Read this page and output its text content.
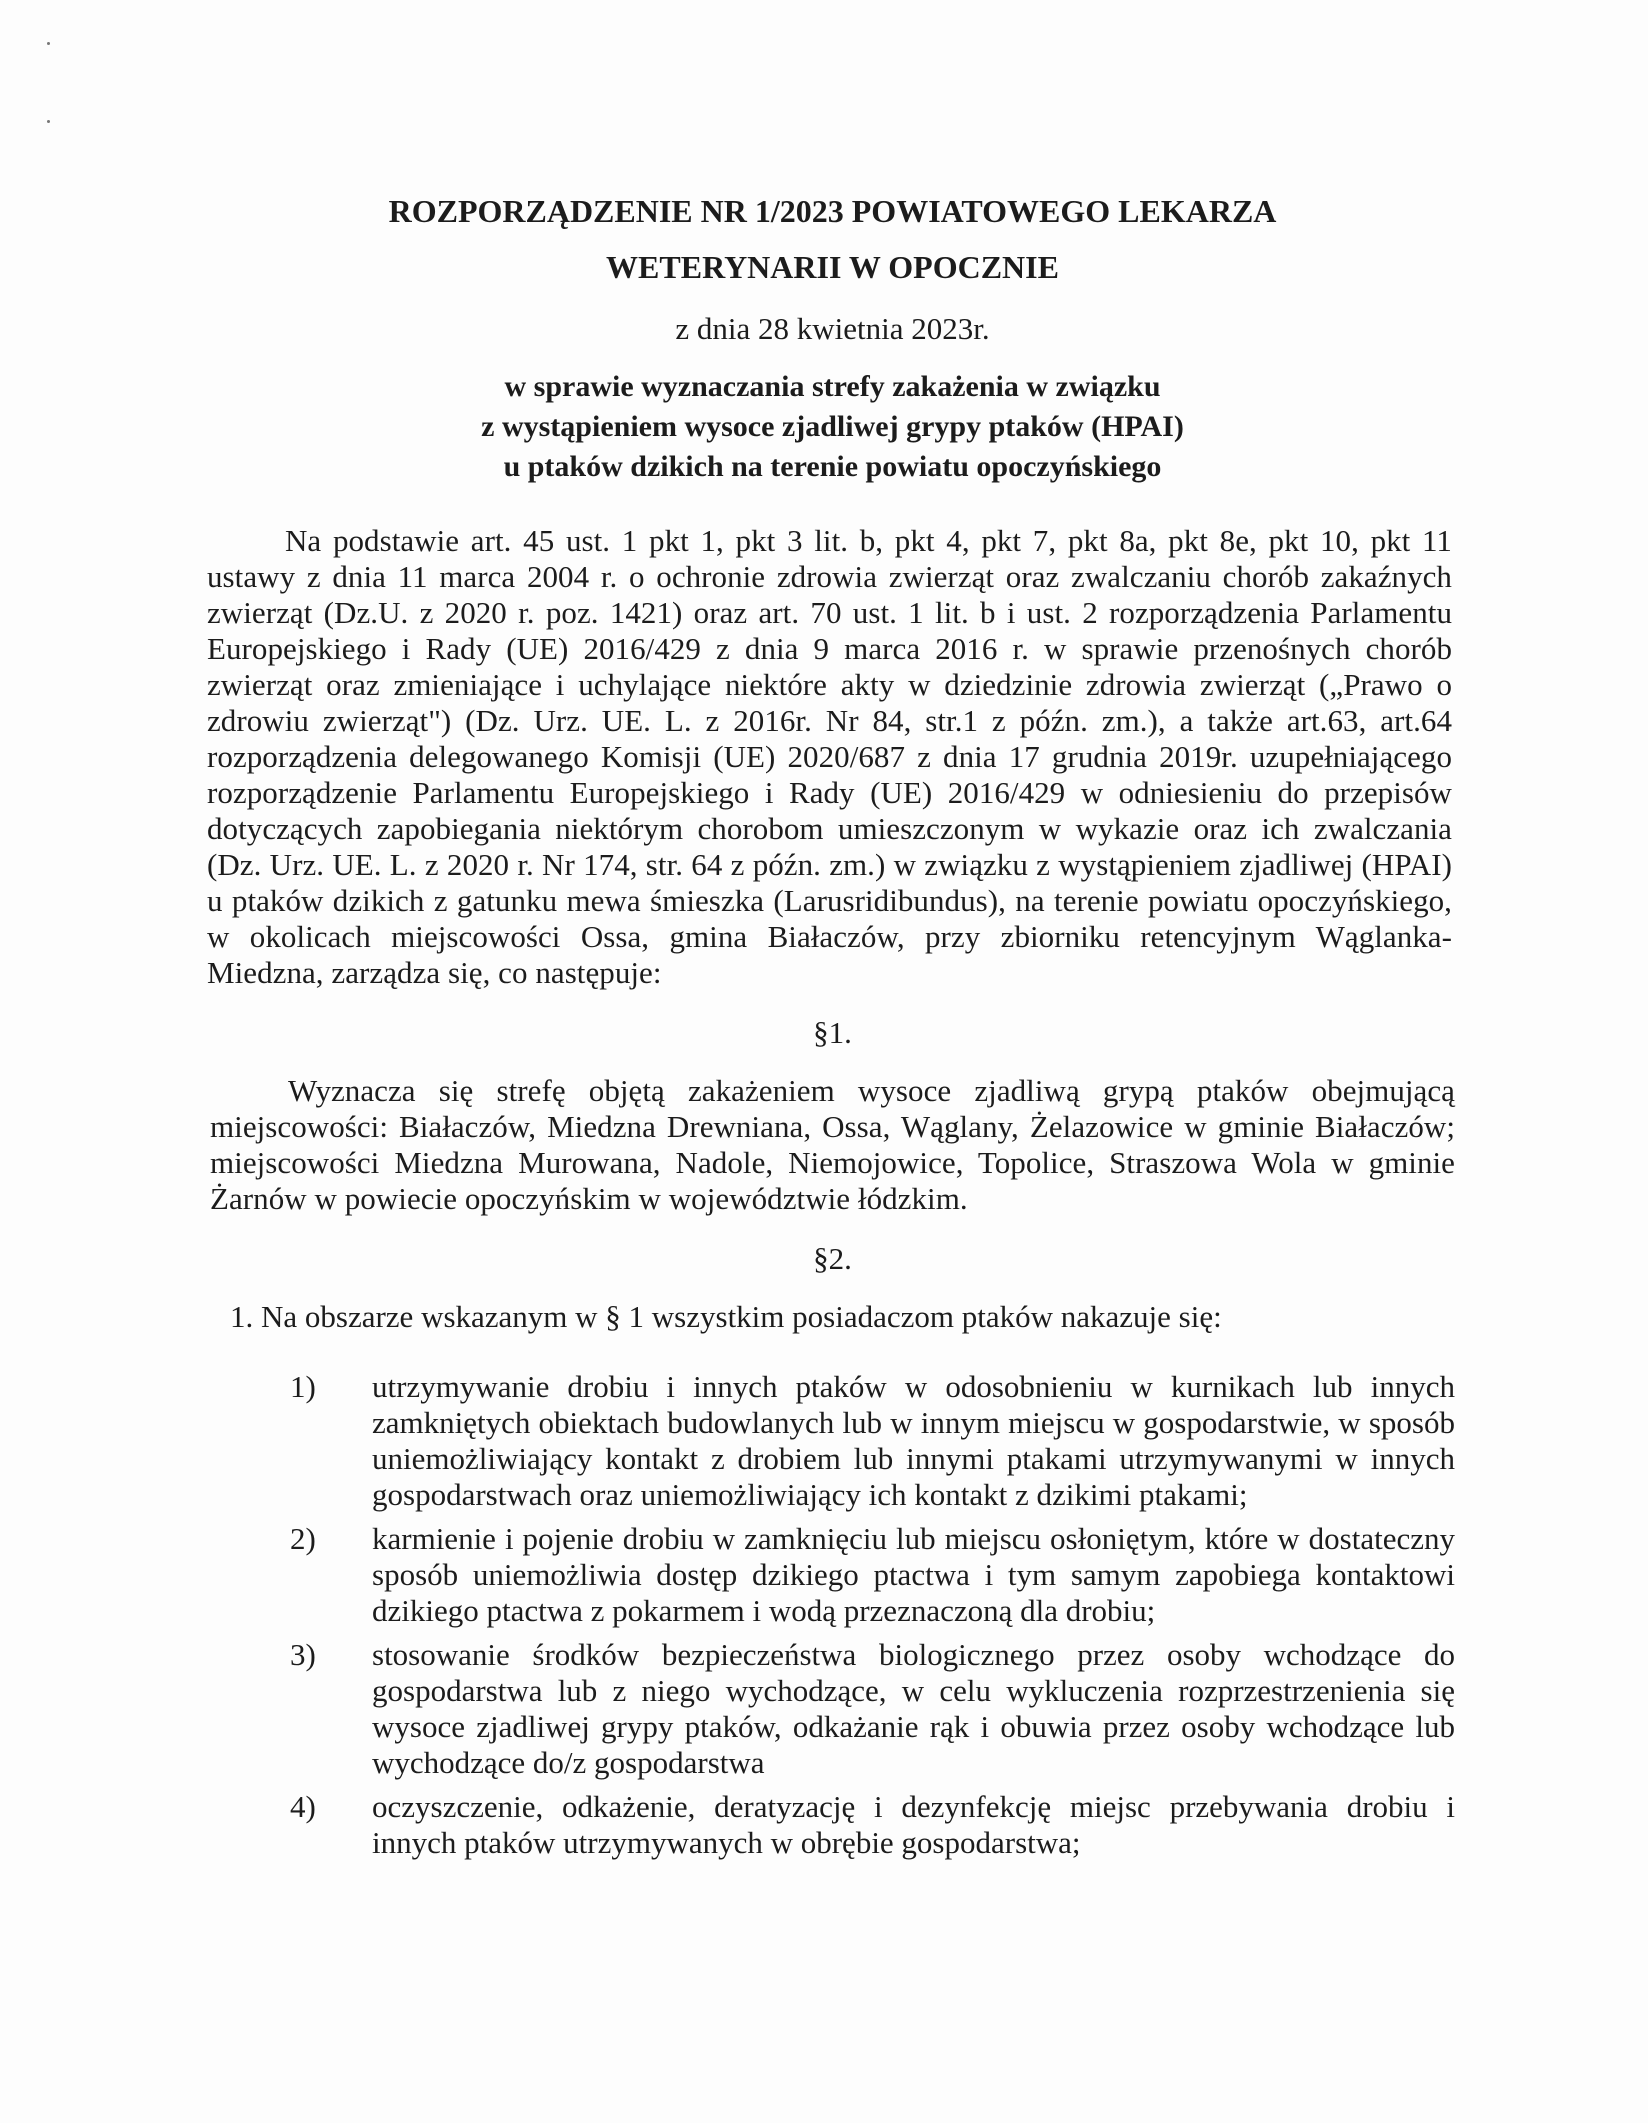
ROZPORZĄDZENIE NR 1/2023 POWIATOWEGO LEKARZA
WETERYNARII W OPOCZNIE
z dnia 28 kwietnia 2023r.
w sprawie wyznaczania strefy zakażenia w związku
z wystąpieniem wysoce zjadliwej grypy ptaków (HPAI)
u ptaków dzikich na terenie powiatu opoczyńskiego

Na podstawie art. 45 ust. 1 pkt 1, pkt 3 lit. b, pkt 4, pkt 7, pkt 8a, pkt 8e, pkt 10, pkt 11 ustawy z dnia 11 marca 2004 r. o ochronie zdrowia zwierząt oraz zwalczaniu chorób zakaźnych zwierząt (Dz.U. z 2020 r. poz. 1421) oraz art. 70 ust. 1 lit. b i ust. 2 rozporządzenia Parlamentu Europejskiego i Rady (UE) 2016/429 z dnia 9 marca 2016 r. w sprawie przenośnych chorób zwierząt oraz zmieniające i uchylające niektóre akty w dziedzinie zdrowia zwierząt („Prawo o zdrowiu zwierząt") (Dz. Urz. UE. L. z 2016r. Nr 84, str.1 z późn. zm.), a także art.63, art.64 rozporządzenia delegowanego Komisji (UE) 2020/687 z dnia 17 grudnia 2019r. uzupełniającego rozporządzenie Parlamentu Europejskiego i Rady (UE) 2016/429 w odniesieniu do przepisów dotyczących zapobiegania niektórym chorobom umieszczonym w wykazie oraz ich zwalczania (Dz. Urz. UE. L. z 2020 r. Nr 174, str. 64 z późn. zm.) w związku z wystąpieniem zjadliwej (HPAI) u ptaków dzikich z gatunku mewa śmieszka (Larusridibundus), na terenie powiatu opoczyńskiego, w okolicach miejscowości Ossa, gmina Białaczów, przy zbiorniku retencyjnym Wąglanka-Miedzna, zarządza się, co następuje:

§1.

Wyznacza się strefę objętą zakażeniem wysoce zjadliwą grypą ptaków obejmującą miejscowości: Białaczów, Miedzna Drewniana, Ossa, Wąglany, Żelazowice w gminie Białaczów; miejscowości Miedzna Murowana, Nadole, Niemojowice, Topolice, Straszowa Wola w gminie Żarnów w powiecie opoczyńskim w województwie łódzkim.

§2.
1. Na obszarze wskazanym w § 1 wszystkim posiadaczom ptaków nakazuje się:
1)	utrzymywanie drobiu i innych ptaków w odosobnieniu w kurnikach lub innych zamkniętych obiektach budowlanych lub w innym miejscu w gospodarstwie, w sposób uniemożliwiający kontakt z drobiem lub innymi ptakami utrzymywanymi w innych gospodarstwach oraz uniemożliwiający ich kontakt z dzikimi ptakami;
2)	karmienie i pojenie drobiu w zamknięciu lub miejscu osłoniętym, które w dostateczny sposób uniemożliwia dostęp dzikiego ptactwa i tym samym zapobiega kontaktowi dzikiego ptactwa z pokarmem i wodą przeznaczoną dla drobiu;
3)	stosowanie środków bezpieczeństwa biologicznego przez osoby wchodzące do gospodarstwa lub z niego wychodzące, w celu wykluczenia rozprzestrzenienia się wysoce zjadliwej grypy ptaków, odkażanie rąk i obuwia przez osoby wchodzące lub wychodzące do/z gospodarstwa
4)	oczyszczenie, odkażenie, deratyzację i dezynfekcję miejsc przebywania drobiu i innych ptaków utrzymywanych w obrębie gospodarstwa;
